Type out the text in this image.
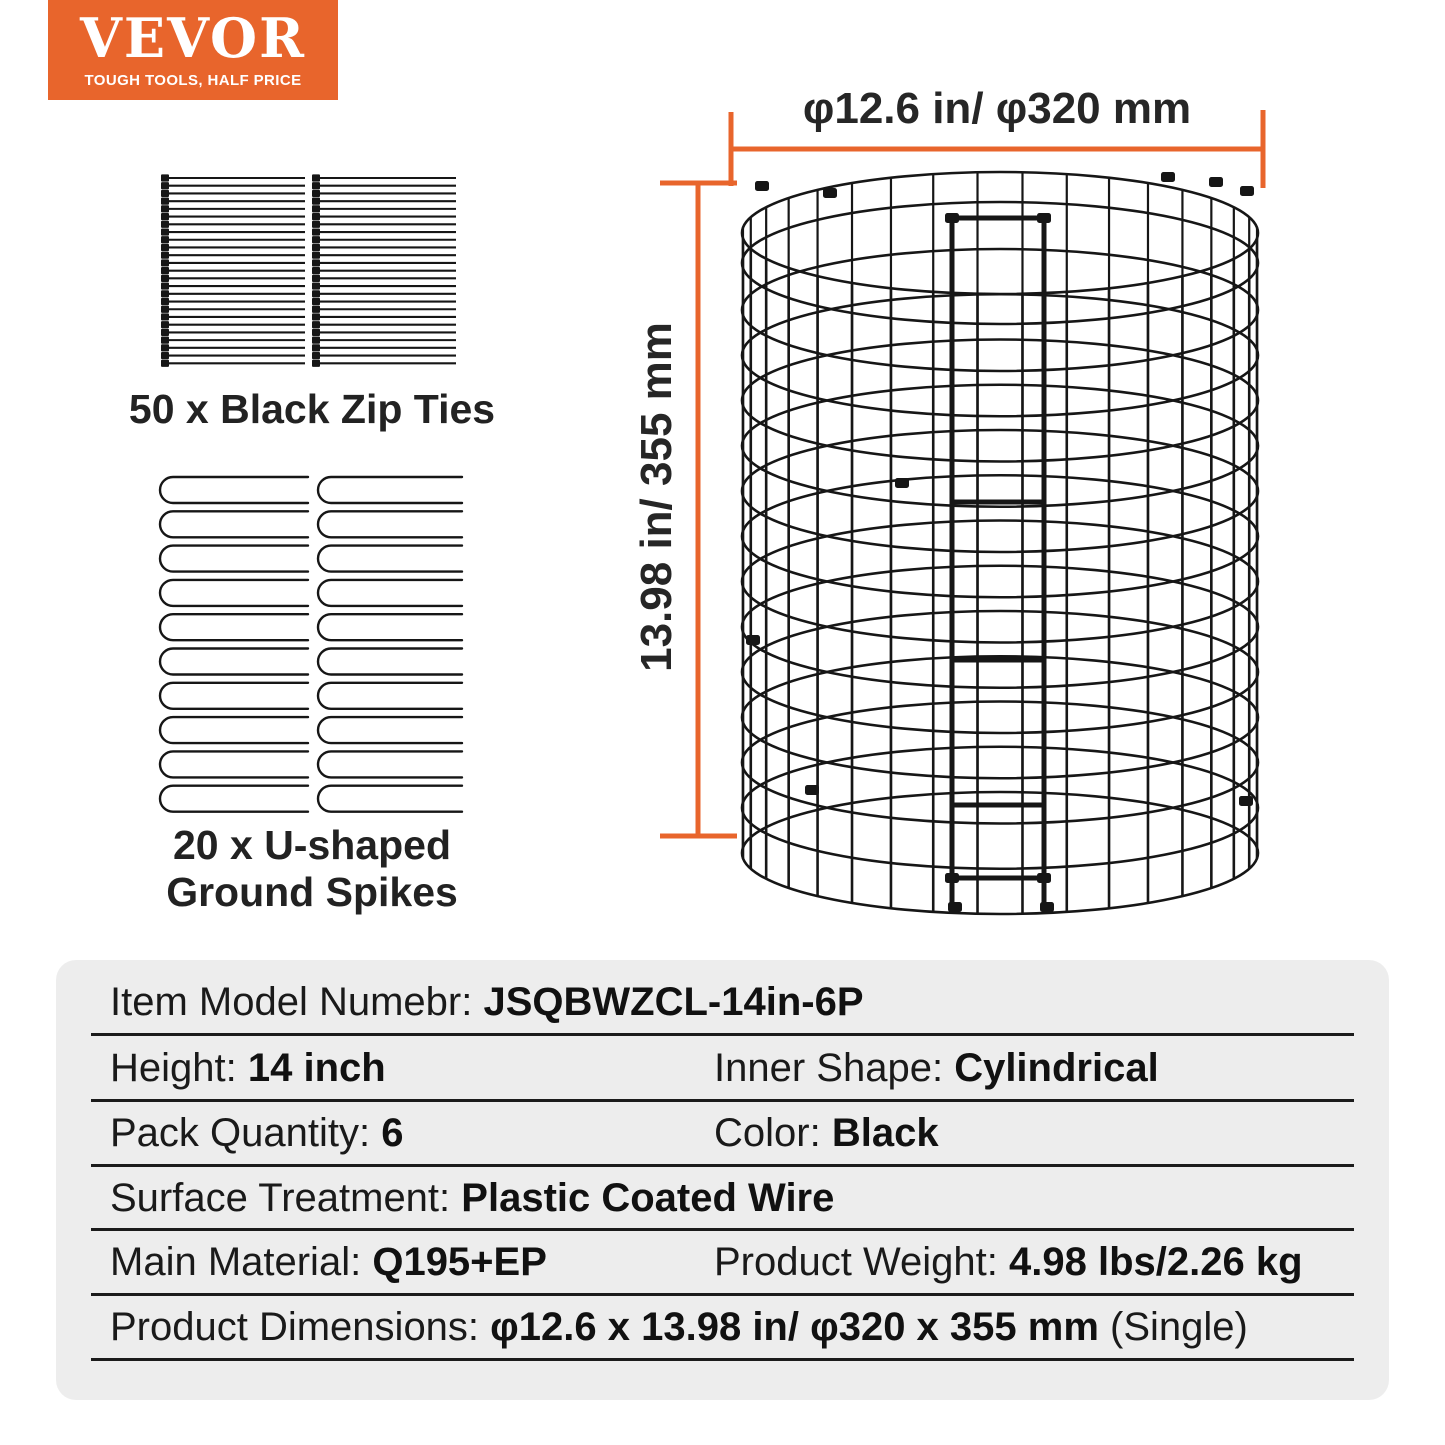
VEVOR
TOUGH TOOLS, HALF PRICE
φ12.6 in/ φ320 mm
13.98 in/ 355 mm
50 x Black Zip Ties
20 x U-shaped
Ground Spikes
Item Model Numebr: JSQBWZCL-14in-6P
Height: 14 inch	Inner Shape: Cylindrical
Pack Quantity: 6	Color: Black
Surface Treatment: Plastic Coated Wire
Main Material: Q195+EP	Product Weight: 4.98 lbs/2.26 kg
Product Dimensions: φ12.6 x 13.98 in/ φ320 x 355 mm (Single)
